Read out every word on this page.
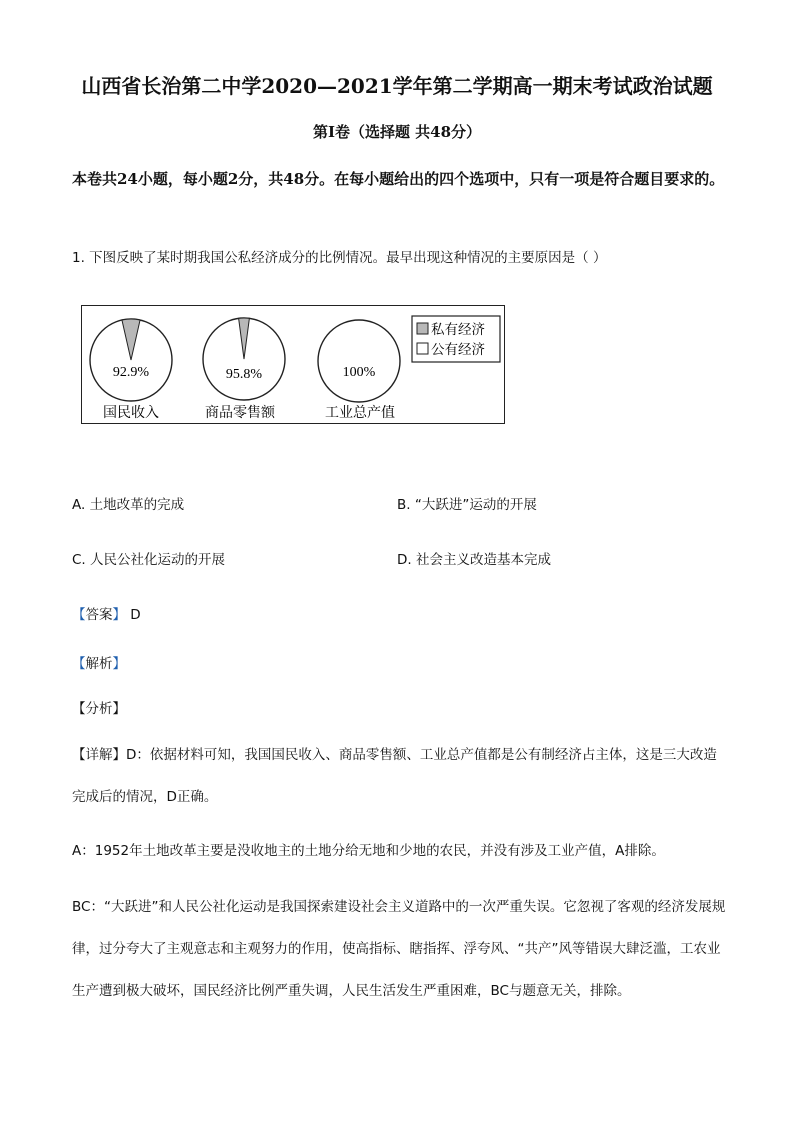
山西省长治第二中学2020—2021学年第二学期高一期末考试政治试题
第Ⅰ卷（选择题 共48分）
本卷共24小题，每小题2分，共48分。在每小题给出的四个选项中，只有一项是符合题目要求的。
1. 下图反映了某时期我国公私经济成分的比例情况。最早出现这种情况的主要原因是（ ）
92.9%
国民收入
95.8%
商品零售额
100%
工业总产值
私有经济
公有经济
A. 土地改革的完成	B. “大跃进”运动的开展
C. 人民公社化运动的开展	D. 社会主义改造基本完成
【答案】 D
【解析】
【分析】
【详解】D：依据材料可知，我国国民收入、商品零售额、工业总产值都是公有制经济占主体，这是三大改造完成后的情况，D正确。
A：1952年土地改革主要是没收地主的土地分给无地和少地的农民，并没有涉及工业产值，A排除。
BC：“大跃进”和人民公社化运动是我国探索建设社会主义道路中的一次严重失误。它忽视了客观的经济发展规律，过分夸大了主观意志和主观努力的作用，使高指标、瞎指挥、浮夸风、“共产”风等错误大肆泛滥，工农业生产遭到极大破坏，国民经济比例严重失调，人民生活发生严重困难，BC与题意无关，排除。
